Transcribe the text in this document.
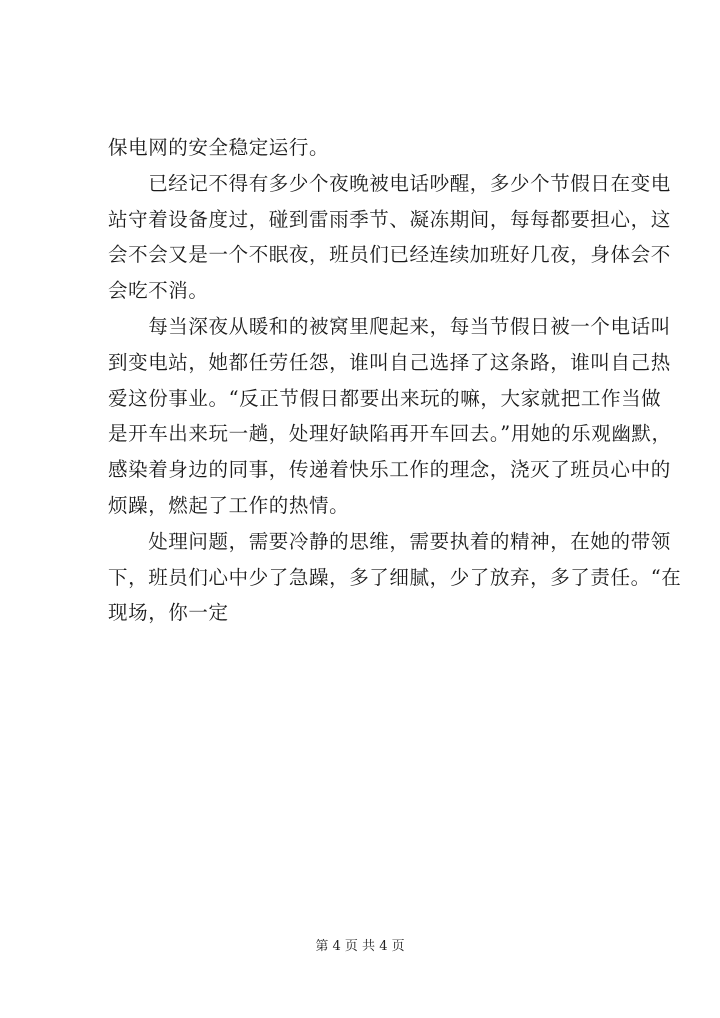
保电网的安全稳定运行。
　　已经记不得有多少个夜晚被电话吵醒，多少个节假日在变电
站守着设备度过，碰到雷雨季节、凝冻期间，每每都要担心，这
会不会又是一个不眠夜，班员们已经连续加班好几夜，身体会不
会吃不消。
　　每当深夜从暖和的被窝里爬起来，每当节假日被一个电话叫
到变电站，她都任劳任怨，谁叫自己选择了这条路，谁叫自己热
爱这份事业。“反正节假日都要出来玩的嘛，大家就把工作当做
是开车出来玩一趟，处理好缺陷再开车回去。”用她的乐观幽默，
感染着身边的同事，传递着快乐工作的理念，浇灭了班员心中的
烦躁，燃起了工作的热情。
　　处理问题，需要冷静的思维，需要执着的精神，在她的带领
下，班员们心中少了急躁，多了细腻，少了放弃，多了责任。“在
现场，你一定
第 4 页 共 4 页
